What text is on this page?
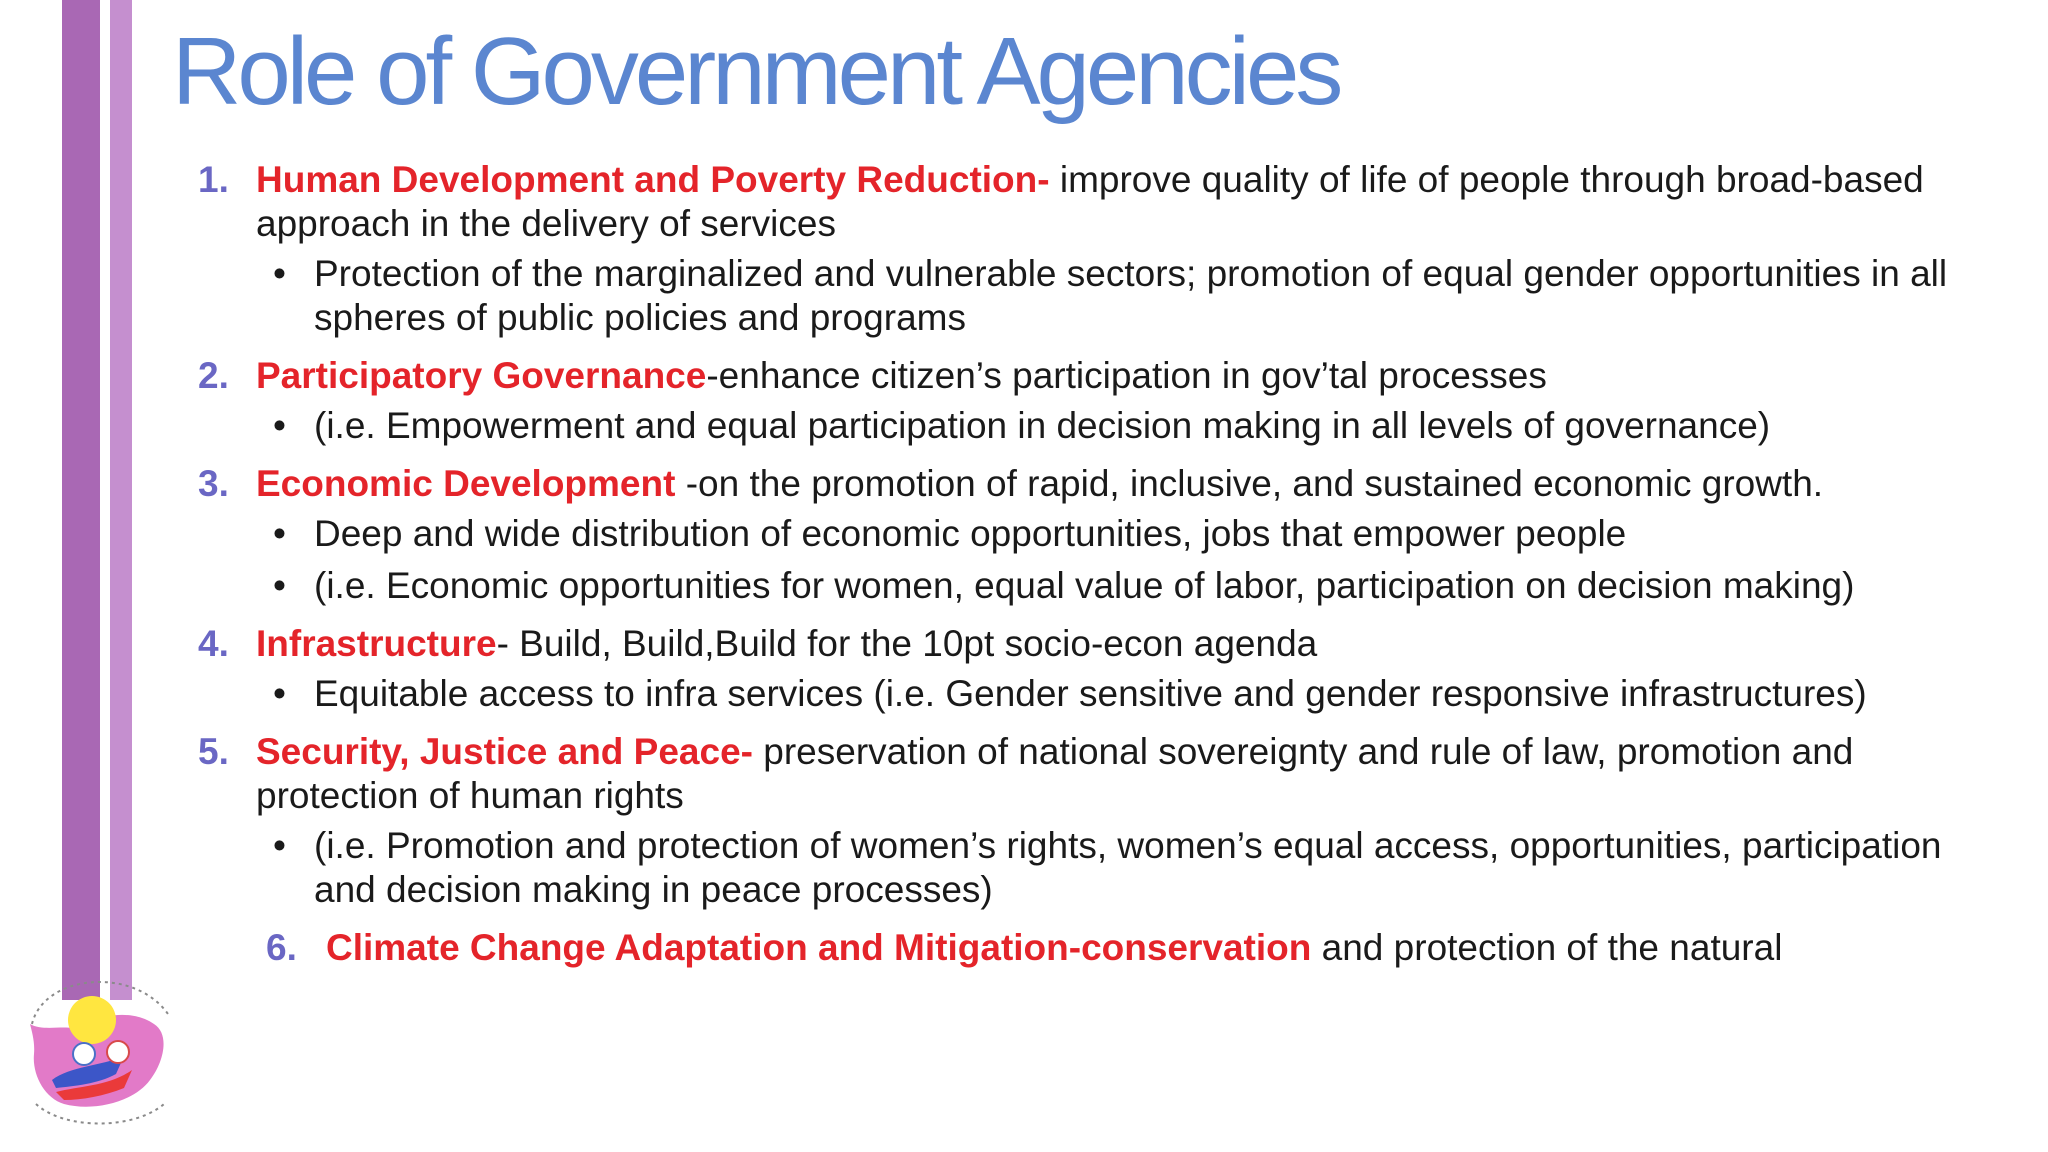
Role of Government Agencies
1. Human Development and Poverty Reduction- improve quality of life of people through broad-based approach in the delivery of services
• Protection of the marginalized and vulnerable sectors; promotion of equal gender opportunities in all
spheres of public policies and programs
2. Participatory Governance-enhance citizen’s participation in gov’tal processes
• (i.e. Empowerment and equal participation in decision making in all levels of governance)
3. Economic Development -on the promotion of rapid, inclusive, and sustained economic growth.
• Deep and wide distribution of economic opportunities, jobs that empower people
• (i.e. Economic opportunities for women, equal value of labor, participation on decision making)
4. Infrastructure- Build, Build,Build for the 10pt socio-econ agenda
• Equitable access to infra services (i.e. Gender sensitive and gender responsive infrastructures)
5. Security, Justice and Peace- preservation of national sovereignty and rule of law, promotion and protection of human rights
• (i.e. Promotion and protection of women’s rights, women’s equal access, opportunities, participation and decision making in peace processes)
6. Climate Change Adaptation and Mitigation-conservation and protection of the natural
